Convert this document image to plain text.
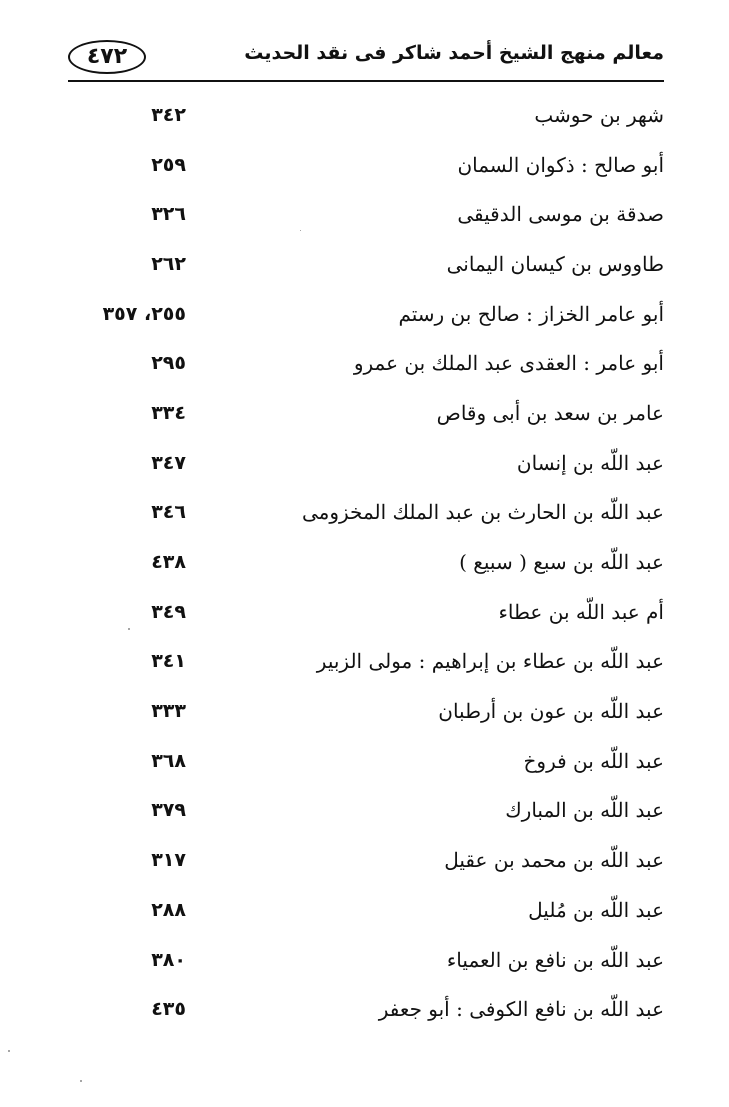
٤٧٢	معالم منهج الشيخ أحمد شاكر فى نقد الحديث
شهر بن حوشب
٣٤٢
أبو صالح : ذكوان السمان
٢٥٩
صدقة بن موسى الدقيقى
٣٢٦
طاووس بن كيسان اليمانى
٢٦٢
أبو عامر الخزاز : صالح بن رستم
٢٥٥، ٣٥٧
أبو عامر : العقدى عبد الملك بن عمرو
٢٩٥
عامر بن سعد بن أبى وقاص
٣٣٤
عبد اللّه بن إنسان
٣٤٧
عبد اللّه بن الحارث بن عبد الملك المخزومى
٣٤٦
عبد اللّه بن سبع ( سبيع )
٤٣٨
أم عبد اللّه بن عطاء
٣٤٩
عبد اللّه بن عطاء بن إبراهيم : مولى الزبير
٣٤١
عبد اللّه بن عون بن أرطبان
٣٣٣
عبد اللّه بن فروخ
٣٦٨
عبد اللّه بن المبارك
٣٧٩
عبد اللّه بن محمد بن عقيل
٣١٧
عبد اللّه بن مُليل
٢٨٨
عبد اللّه بن نافع بن العمياء
٣٨٠
عبد اللّه بن نافع الكوفى : أبو جعفر
٤٣٥
